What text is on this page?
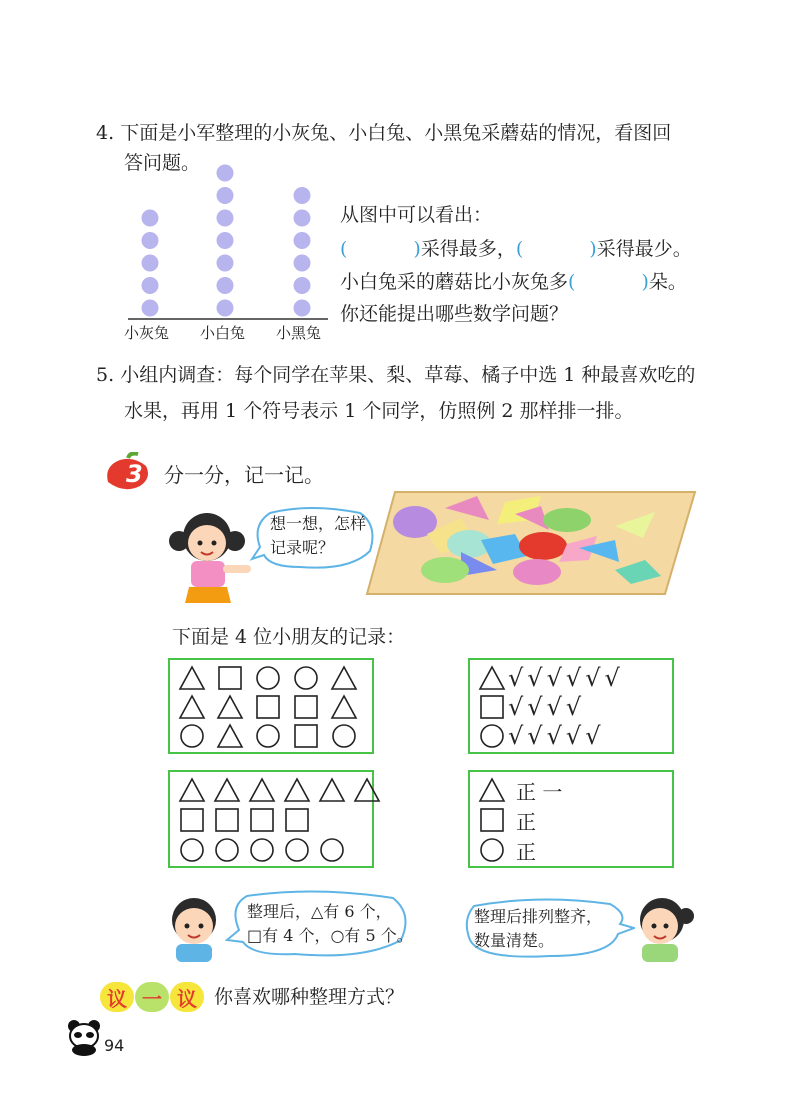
4. 下面是小军整理的小灰兔、小白兔、小黑兔采蘑菇的情况，看图回
答问题。
小灰兔 小白兔 小黑兔
从图中可以看出：
(	)采得最多，(	)采得最少。
小白兔采的蘑菇比小灰兔多(	)朵。
你还能提出哪些数学问题？
5. 小组内调查：每个同学在苹果、梨、草莓、橘子中选 1 种最喜欢吃的
水果，再用 1 个符号表示 1 个同学，仿照例 2 那样排一排。
3 分一分，记一记。
想一想，怎样
记录呢？
下面是 4 位小朋友的记录：
√ √ √ √ √ √
√ √ √ √
√ √ √ √ √
正 一
正
正
整理后，△有 6 个，
□有 4 个，○有 5 个。
整理后排列整齐，
数量清楚。
议 一 议 你喜欢哪种整理方式？
94
